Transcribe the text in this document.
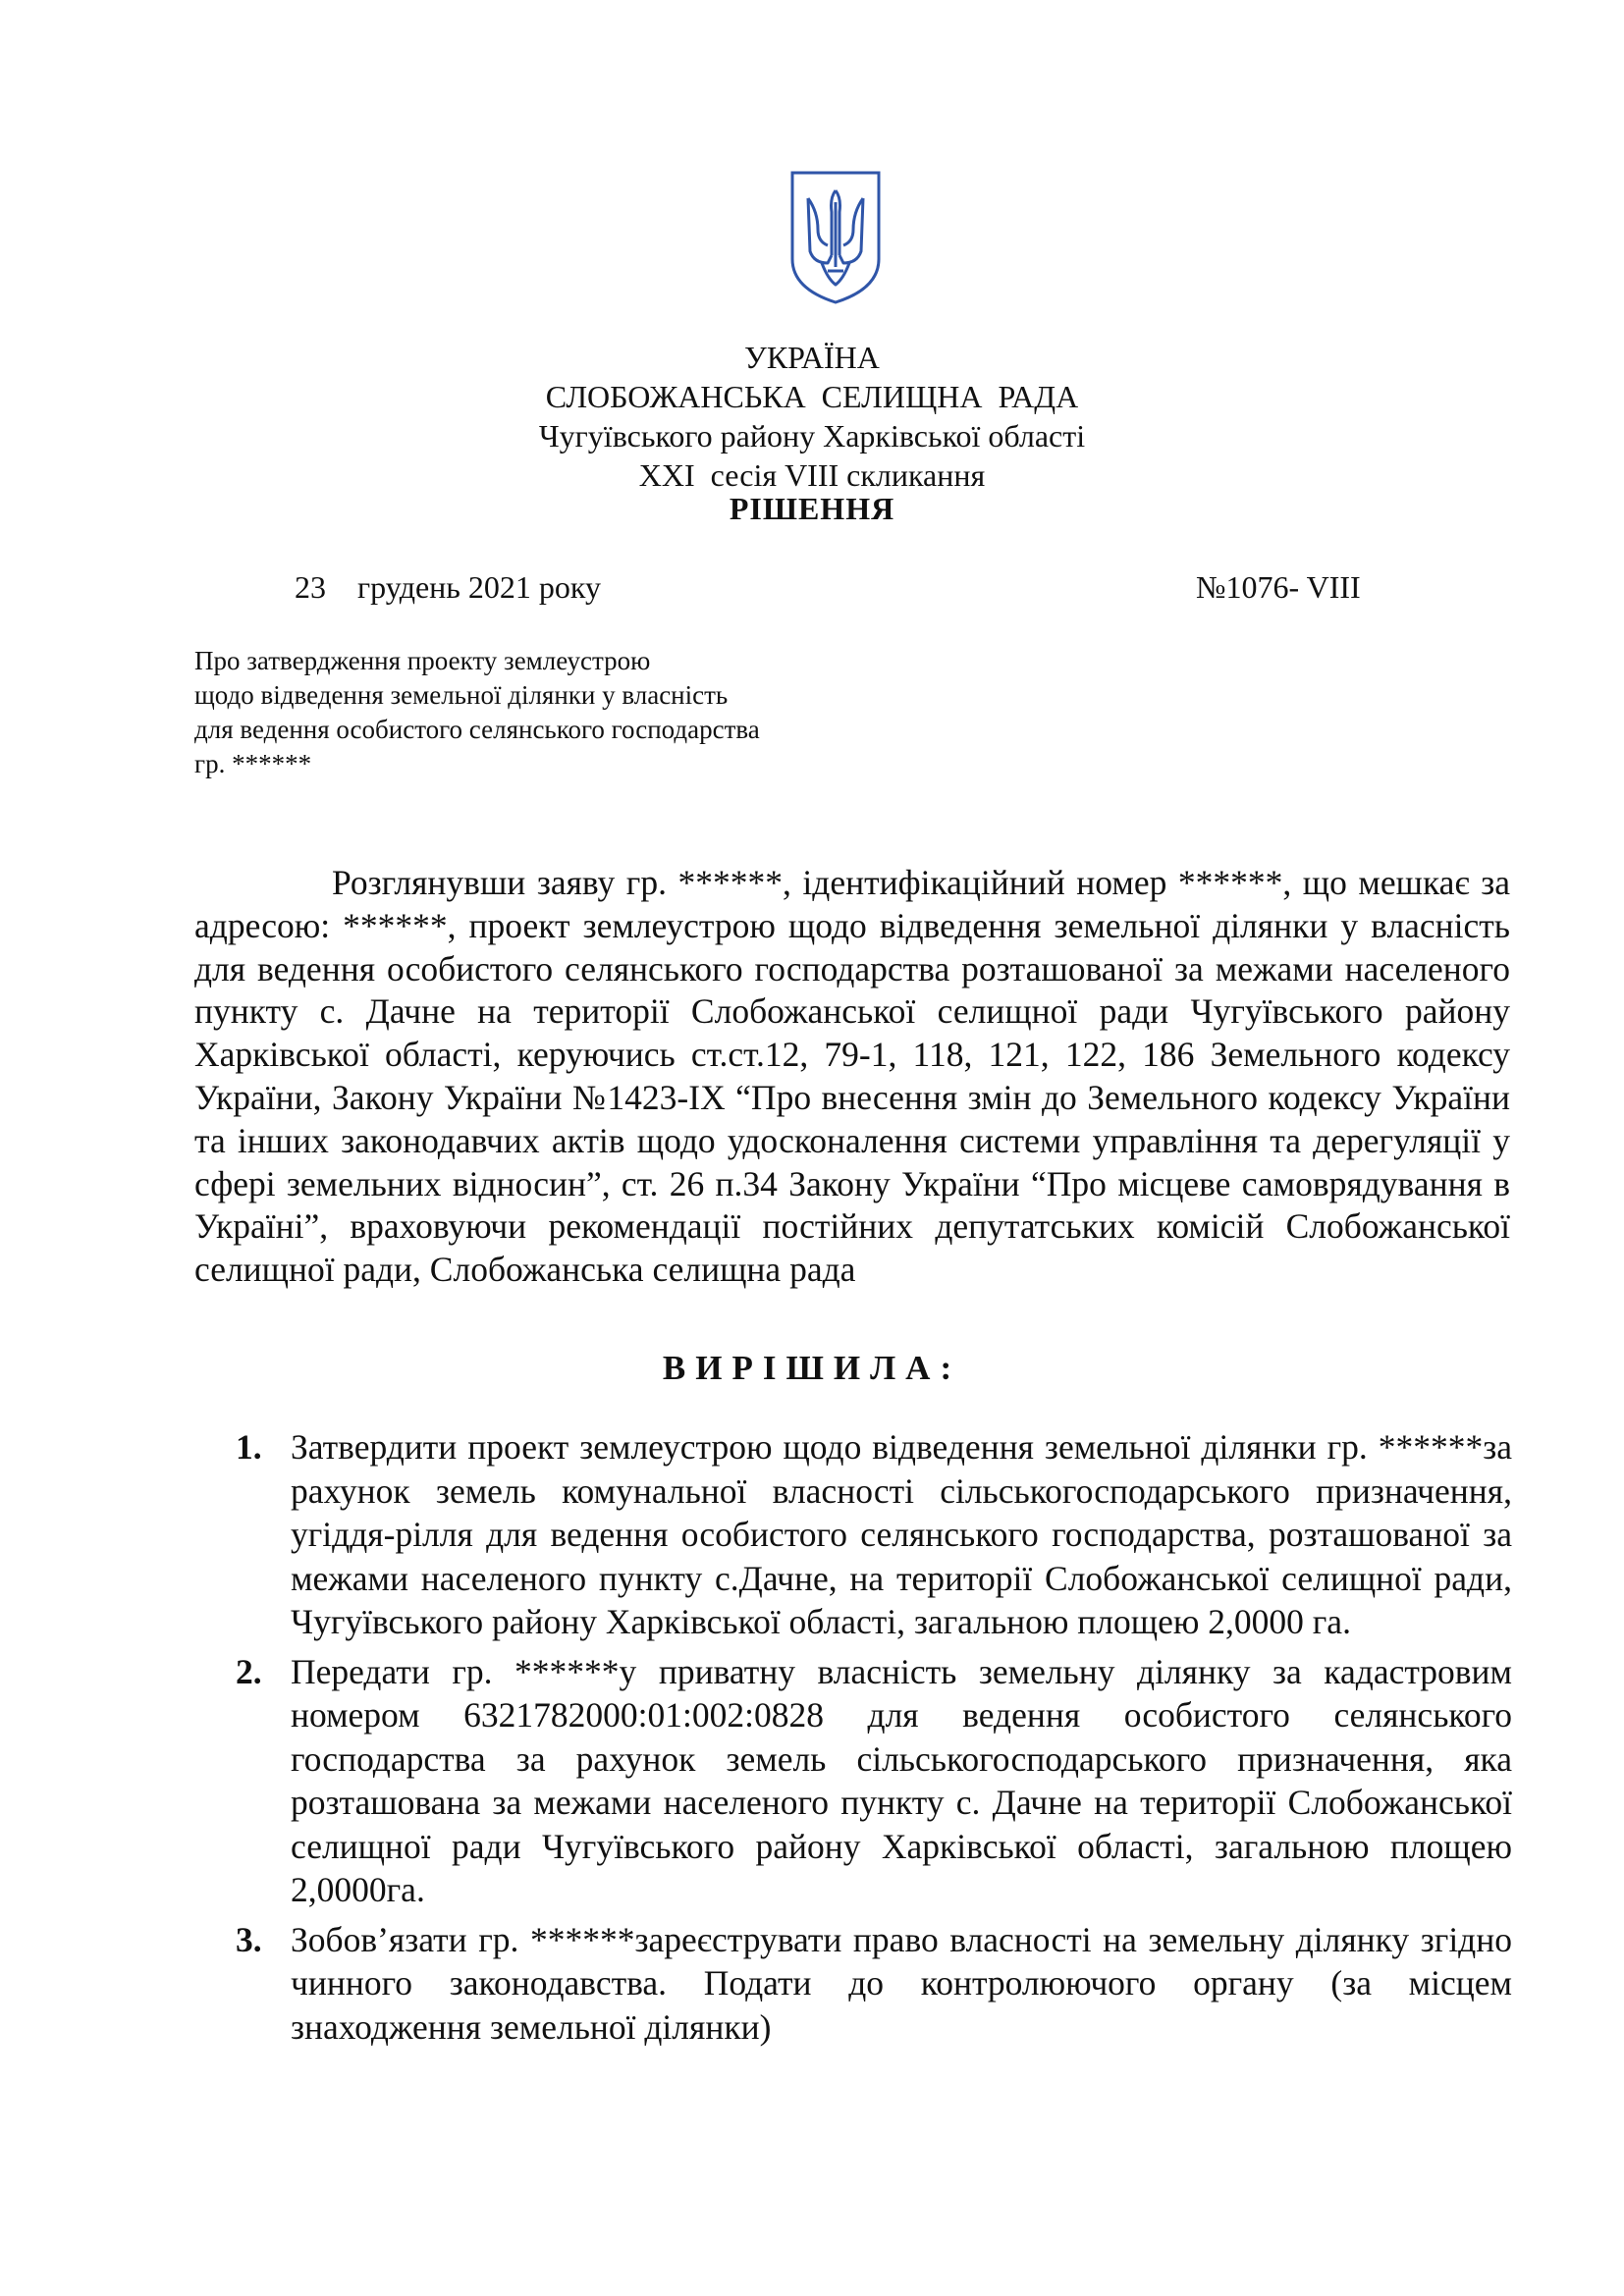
УКРАЇНА

СЛОБОЖАНСЬКА  СЕЛИЩНА  РАДА

Чугуївського району Харківської області

XXI  сесія VIII скликання

РІШЕННЯ
23    грудень 2021 року	№1076- VIII
Про затвердження проекту землеустрою
щодо відведення земельної ділянки у власність
для ведення особистого селянського господарства
гр. ******
Розглянувши заяву гр. ******, ідентифікаційний номер ******, що мешкає за адресою: ******, проект землеустрою щодо відведення земельної ділянки у власність для ведення особистого селянського господарства розташованої за межами населеного пункту с. Дачне на території Слобожанської селищної ради Чугуївського району Харківської області, керуючись ст.ст.12, 79-1, 118, 121, 122, 186 Земельного кодексу України, Закону України №1423-IX “Про внесення змін до Земельного кодексу України та інших законодавчих актів щодо удосконалення системи управління та дерегуляції у сфері земельних відносин”, ст. 26 п.34 Закону України “Про місцеве самоврядування в Україні”, враховуючи рекомендації постійних депутатських комісій Слобожанської селищної ради, Слобожанська селищна рада
ВИРІШИЛА:
1. Затвердити проект землеустрою щодо відведення земельної ділянки гр. ******за рахунок земель комунальної власності сільськогосподарського призначення, угіддя-рілля для ведення особистого селянського господарства, розташованої за межами населеного пункту с.Дачне, на території Слобожанської селищної ради, Чугуївського району Харківської області, загальною площею 2,0000 га.
2. Передати гр. ******у приватну власність земельну ділянку за кадастровим номером 6321782000:01:002:0828 для ведення особистого селянського господарства за рахунок земель сільськогосподарського призначення, яка розташована за межами населеного пункту с. Дачне на території Слобожанської селищної ради Чугуївського району Харківської області, загальною площею 2,0000га.
3. Зобов’язати гр. ******зареєструвати право власності на земельну ділянку згідно чинного законодавства. Подати до контролюючого органу (за місцем знаходження земельної ділянки)
